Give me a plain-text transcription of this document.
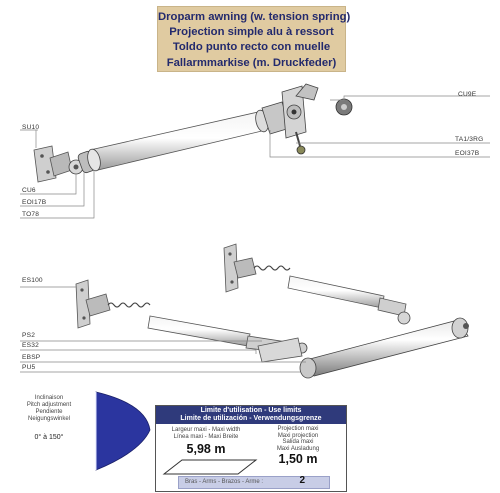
Droparm awning (w. tension spring)
Projection simple alu à ressort
Toldo punto recto con muelle
Fallarmmarkise (m. Druckfeder)
CU9E
SU10
TA1/3RG
EOI37B
CU6
EOI17B
TO78
ES100
PS2
ES32
EBSP
PU5
Inclinaison
Pitch adjustment
Pendiente
Neigungswinkel
0° à 150°
Limite d'utilisation - Use limits
Limite de utilización - Verwendungsgrenze
Largeur maxi - Maxi width
Línea maxi - Maxi Breite
5,98 m
Projection maxi
Maxi projection
Salida maxi
Maxi Ausladung
1,50 m
Bras - Arms - Brazos - Arme :	2
